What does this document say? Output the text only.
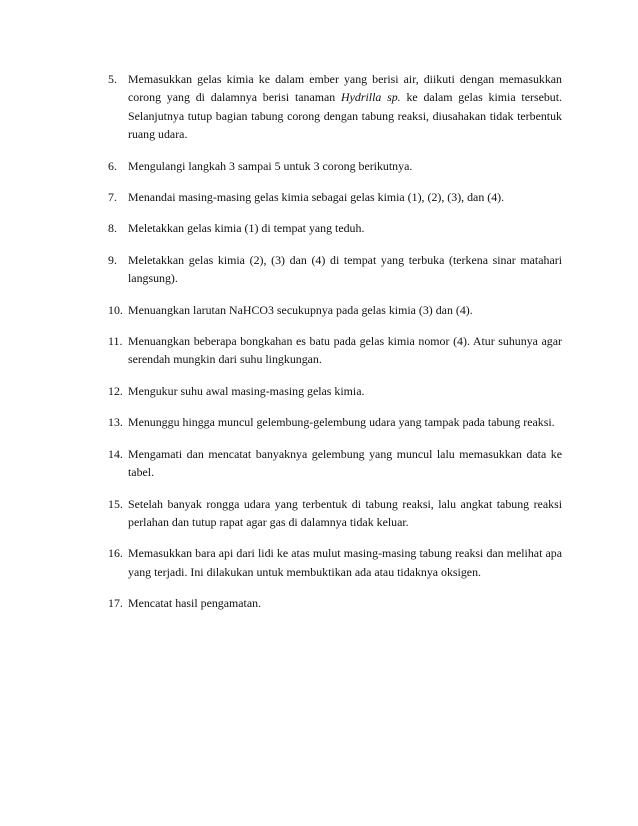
5. Memasukkan gelas kimia ke dalam ember yang berisi air, diikuti dengan memasukkan corong yang di dalamnya berisi tanaman Hydrilla sp. ke dalam gelas kimia tersebut. Selanjutnya tutup bagian tabung corong dengan tabung reaksi, diusahakan tidak terbentuk ruang udara.
6. Mengulangi langkah 3 sampai 5 untuk 3 corong berikutnya.
7. Menandai masing-masing gelas kimia sebagai gelas kimia (1), (2), (3), dan (4).
8. Meletakkan gelas kimia (1) di tempat yang teduh.
9. Meletakkan gelas kimia (2), (3) dan (4) di tempat yang terbuka (terkena sinar matahari langsung).
10. Menuangkan larutan NaHCO3 secukupnya pada gelas kimia (3) dan (4).
11. Menuangkan beberapa bongkahan es batu pada gelas kimia nomor (4). Atur suhunya agar serendah mungkin dari suhu lingkungan.
12. Mengukur suhu awal masing-masing gelas kimia.
13. Menunggu hingga muncul gelembung-gelembung udara yang tampak pada tabung reaksi.
14. Mengamati dan mencatat banyaknya gelembung yang muncul lalu memasukkan data ke tabel.
15. Setelah banyak rongga udara yang terbentuk di tabung reaksi, lalu angkat tabung reaksi perlahan dan tutup rapat agar gas di dalamnya tidak keluar.
16. Memasukkan bara api dari lidi ke atas mulut masing-masing tabung reaksi dan melihat apa yang terjadi. Ini dilakukan untuk membuktikan ada atau tidaknya oksigen.
17. Mencatat hasil pengamatan.
